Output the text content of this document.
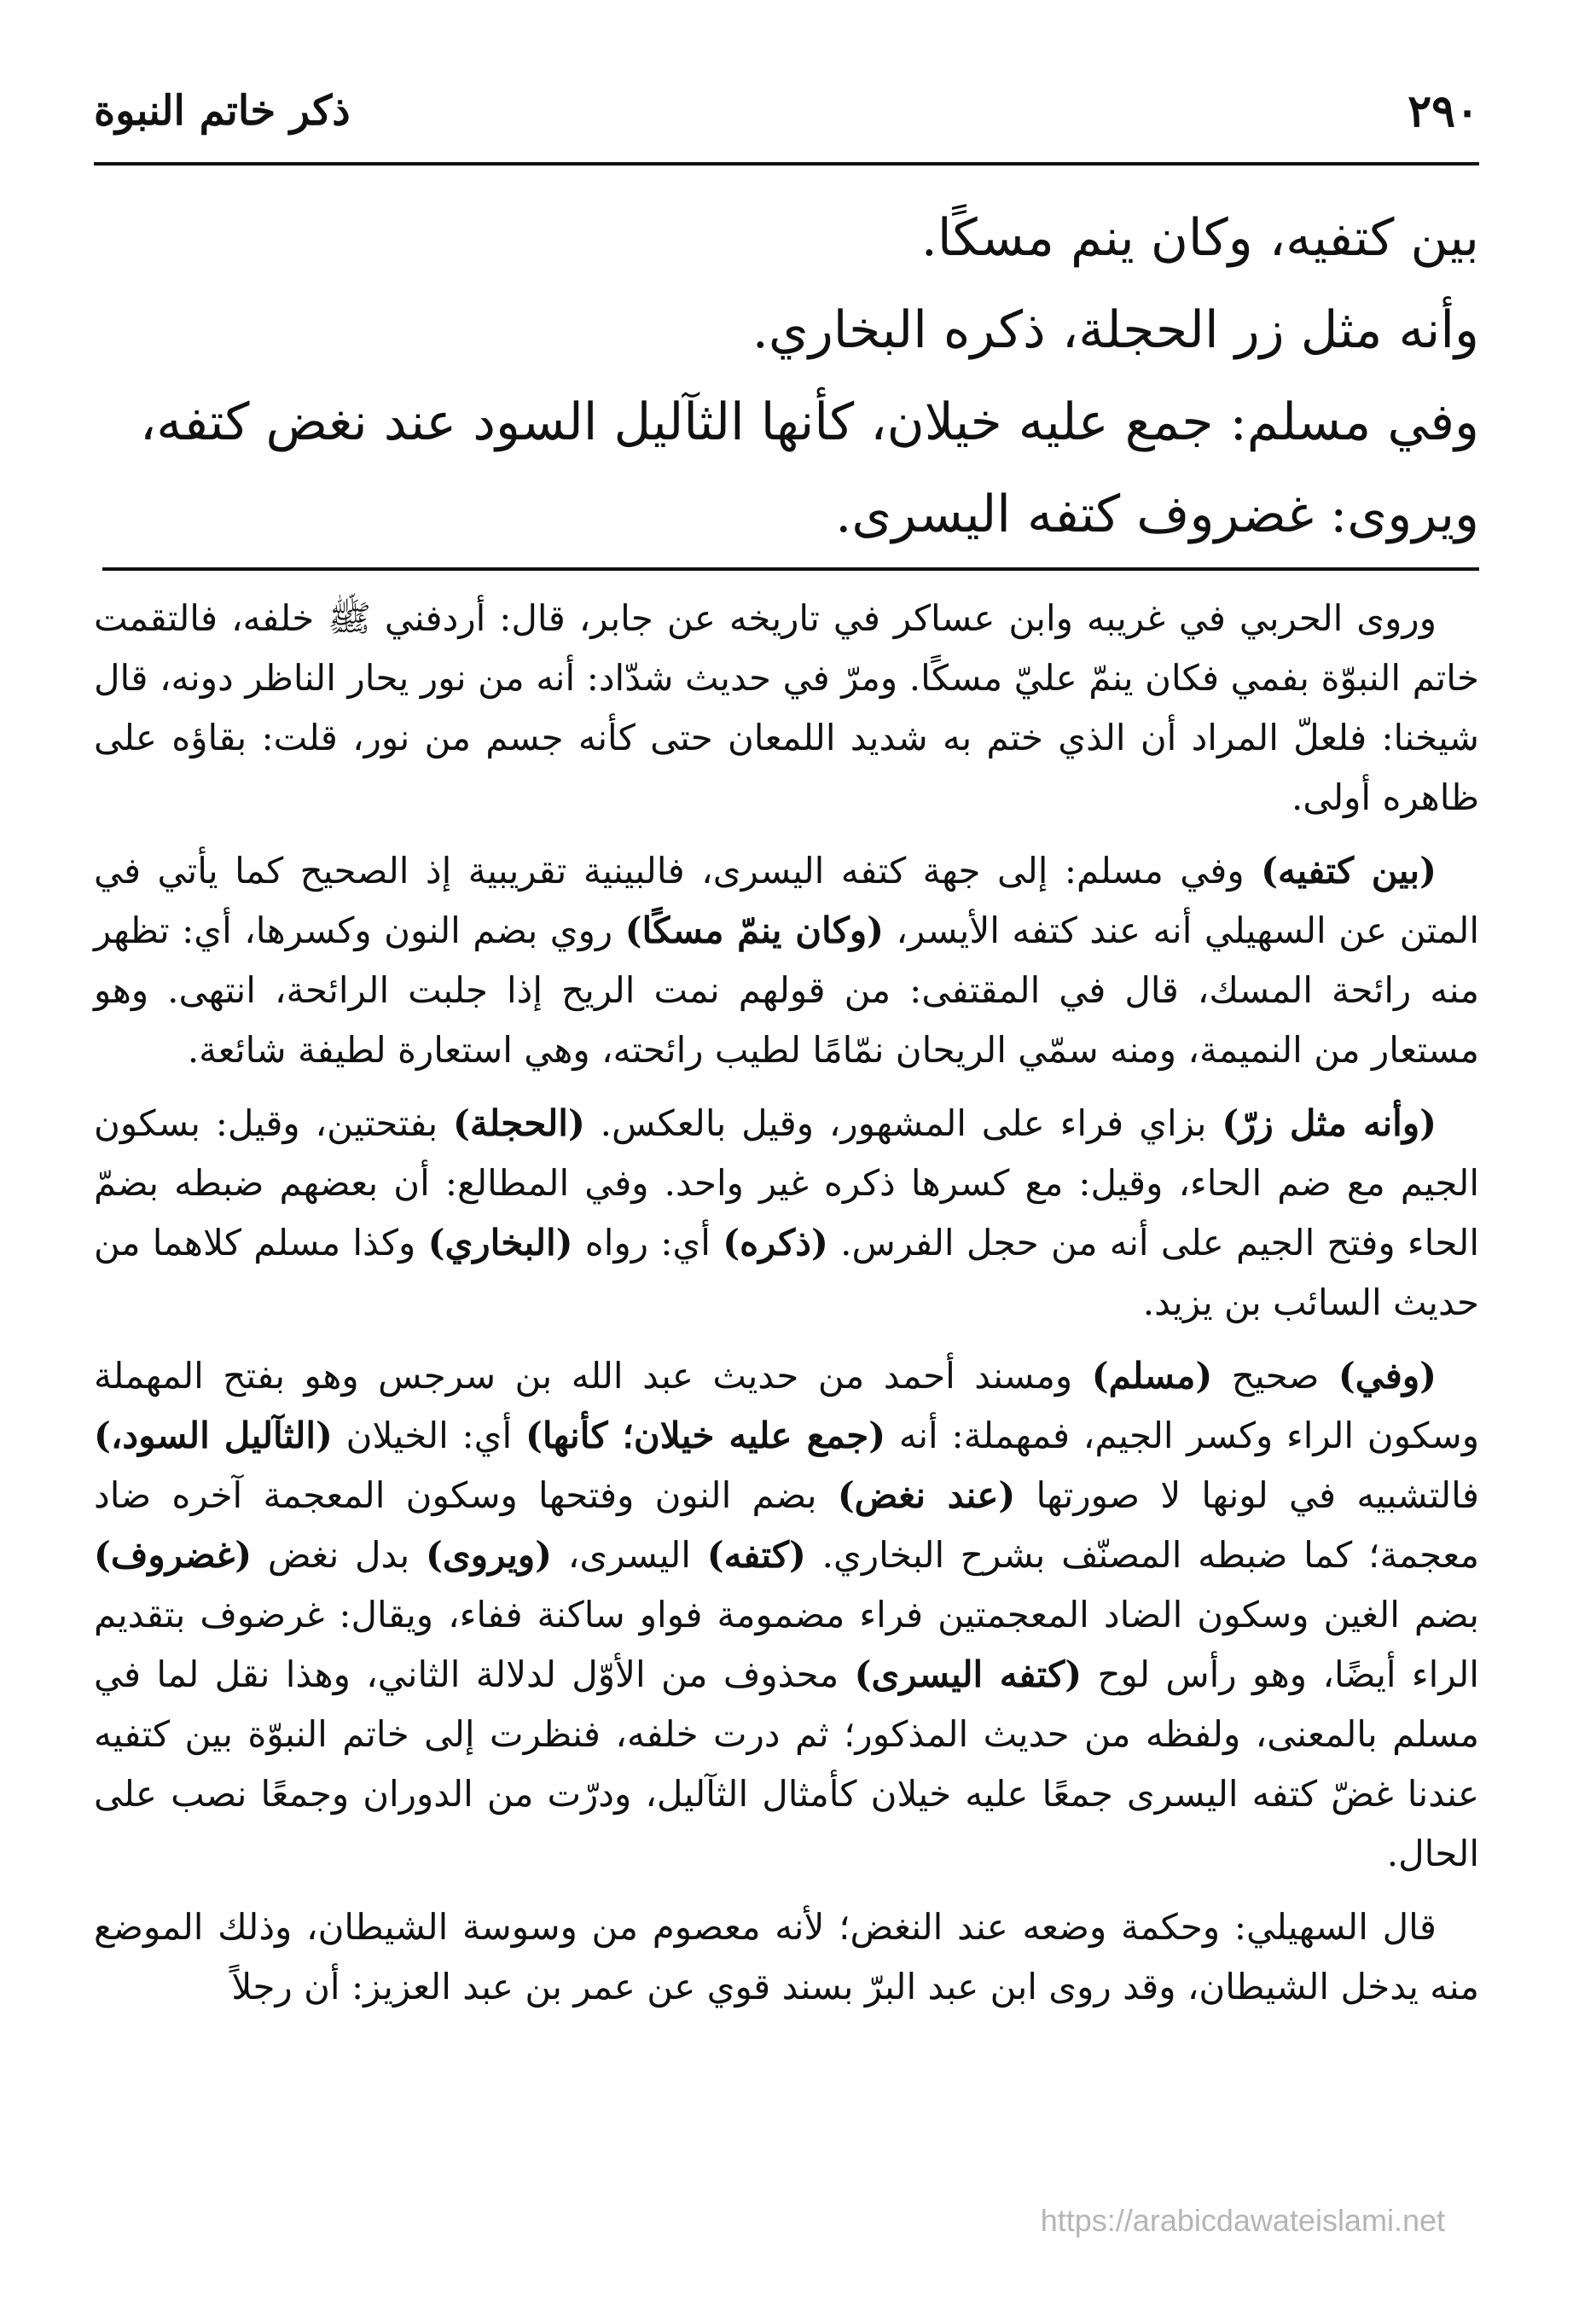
٢٩٠
ذكر خاتم النبوة

بين كتفيه، وكان ينم مسكًا.

وأنه مثل زر الحجلة، ذكره البخاري.

وفي مسلم: جمع عليه خيلان، كأنها الثآليل السود عند نغض كتفه،

ويروى: غضروف كتفه اليسرى.

وروى الحربي في غريبه وابن عساكر في تاريخه عن جابر، قال: أردفني ﷺ خلفه، فالتقمت خاتم النبوّة بفمي فكان ينمّ عليّ مسكًا. ومرّ في حديث شدّاد: أنه من نور يحار الناظر دونه، قال شيخنا: فلعلّ المراد أن الذي ختم به شديد اللمعان حتى كأنه جسم من نور، قلت: بقاؤه على ظاهره أولى.

(بين كتفيه) وفي مسلم: إلى جهة كتفه اليسرى، فالبينية تقريبية إذ الصحيح كما يأتي في المتن عن السهيلي أنه عند كتفه الأيسر، (وكان ينمّ مسكًا) روي بضم النون وكسرها، أي: تظهر منه رائحة المسك، قال في المقتفى: من قولهم نمت الريح إذا جلبت الرائحة، انتهى. وهو مستعار من النميمة، ومنه سمّي الريحان نمّامًا لطيب رائحته، وهي استعارة لطيفة شائعة.

(وأنه مثل زرّ) بزاي فراء على المشهور، وقيل بالعكس. (الحجلة) بفتحتين، وقيل: بسكون الجيم مع ضم الحاء، وقيل: مع كسرها ذكره غير واحد. وفي المطالع: أن بعضهم ضبطه بضمّ الحاء وفتح الجيم على أنه من حجل الفرس. (ذكره) أي: رواه (البخاري) وكذا مسلم كلاهما من حديث السائب بن يزيد.

(وفي) صحيح (مسلم) ومسند أحمد من حديث عبد الله بن سرجس وهو بفتح المهملة وسكون الراء وكسر الجيم، فمهملة: أنه (جمع عليه خيلان؛ كأنها) أي: الخيلان (الثآليل السود،) فالتشبيه في لونها لا صورتها (عند نغض) بضم النون وفتحها وسكون المعجمة آخره ضاد معجمة؛ كما ضبطه المصنّف بشرح البخاري. (كتفه) اليسرى، (ويروى) بدل نغض (غضروف) بضم الغين وسكون الضاد المعجمتين فراء مضمومة فواو ساكنة ففاء، ويقال: غرضوف بتقديم الراء أيضًا، وهو رأس لوح (كتفه اليسرى) محذوف من الأوّل لدلالة الثاني، وهذا نقل لما في مسلم بالمعنى، ولفظه من حديث المذكور؛ ثم درت خلفه، فنظرت إلى خاتم النبوّة بين كتفيه عندنا غضّ كتفه اليسرى جمعًا عليه خيلان كأمثال الثآليل، ودرّت من الدوران وجمعًا نصب على الحال.

قال السهيلي: وحكمة وضعه عند النغض؛ لأنه معصوم من وسوسة الشيطان، وذلك الموضع منه يدخل الشيطان، وقد روى ابن عبد البرّ بسند قوي عن عمر بن عبد العزيز: أن رجلاً

https://arabicdawateislami.net
